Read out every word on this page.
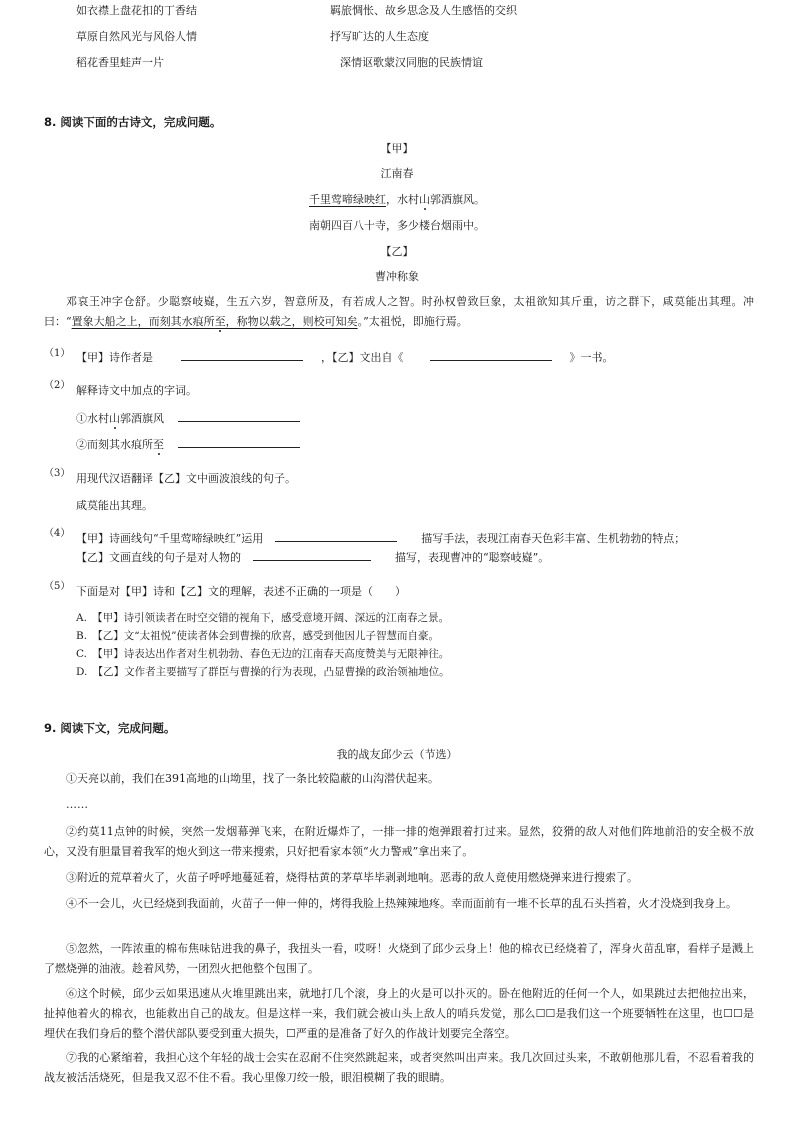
如衣襟上盘花扣的丁香结	羁旅惆怅、故乡思念及人生感悟的交织
草原自然风光与风俗人情	抒写旷达的人生态度
稻花香里蛙声一片	深情讴歌蒙汉同胞的民族情谊
8. 阅读下面的古诗文，完成问题。
【甲】
江南春
千里莺啼绿映红，水村山郭酒旗风。
南朝四百八十寺，多少楼台烟雨中。
【乙】
曹冲称象
邓哀王冲字仓舒。少聪察岐嶷，生五六岁，智意所及，有若成人之智。时孙权曾致巨象，太祖欲知其斤重，访之群下，咸莫能出其理。冲曰：“置象大船之上，而刻其水痕所至，称物以载之，则校可知矣。”太祖悦，即施行焉。
（1） 【甲】诗作者是	，【乙】文出自《	》一书。
（2） 解释诗文中加点的字词。
①水村山郭酒旗风
②而刻其水痕所至
（3） 用现代汉语翻译【乙】文中画波浪线的句子。
咸莫能出其理。
（4） 【甲】诗画线句“千里莺啼绿映红”运用	描写手法，表现江南春天色彩丰富、生机勃勃的特点；
【乙】文画直线的句子是对人物的	描写，表现曹冲的“聪察岐嶷”。
（5） 下面是对【甲】诗和【乙】文的理解，表述不正确的一项是（　　）
A.　【甲】诗引领读者在时空交错的视角下，感受意境开阔、深远的江南春之景。
B.　【乙】文“太祖悦”使读者体会到曹操的欣喜，感受到他因儿子智慧而自豪。
C.　【甲】诗表达出作者对生机勃勃、春色无边的江南春天高度赞美与无限神往。
D.　【乙】文作者主要描写了群臣与曹操的行为表现，凸显曹操的政治领袖地位。
9. 阅读下文，完成问题。
我的战友邱少云（节选）
①天亮以前，我们在391高地的山坳里，找了一条比较隐蔽的山沟潜伏起来。
……
②约莫11点钟的时候，突然一发烟幕弹飞来，在附近爆炸了，一排一排的炮弹跟着打过来。显然，狡猾的敌人对他们阵地前沿的安全极不放心，又没有胆量冒着我军的炮火到这一带来搜索，只好把看家本领“火力警戒”拿出来了。
③附近的荒草着火了，火苗子呼呼地蔓延着，烧得枯黄的茅草毕毕剥剥地响。恶毒的敌人竟使用燃烧弹来进行搜索了。
④不一会儿，火已经烧到我面前，火苗子一伸一伸的，烤得我脸上热辣辣地疼。幸而面前有一堆不长草的乱石头挡着，火才没烧到我身上。
⑤忽然，一阵浓重的棉布焦味钻进我的鼻子，我扭头一看，哎呀！火烧到了邱少云身上！他的棉衣已经烧着了，浑身火苗乱窜，看样子是溅上了燃烧弹的油液。趁着风势，一团烈火把他整个包围了。
⑥这个时候，邱少云如果迅速从火堆里跳出来，就地打几个滚，身上的火是可以扑灭的。卧在他附近的任何一个人，如果跳过去把他拉出来，扯掉他着火的棉衣，也能救出自己的战友。但是这样一来，我们就会被山头上敌人的哨兵发觉，那么☐☐是我们这一个班要牺牲在这里，也☐☐是埋伏在我们身后的整个潜伏部队要受到重大损失，☐严重的是准备了好久的作战计划要完全落空。
⑦我的心紧缩着，我担心这个年轻的战士会实在忍耐不住突然跳起来，或者突然叫出声来。我几次回过头来，不敢朝他那儿看，不忍看着我的战友被活活烧死，但是我又忍不住不看。我心里像刀绞一般，眼泪模糊了我的眼睛。
